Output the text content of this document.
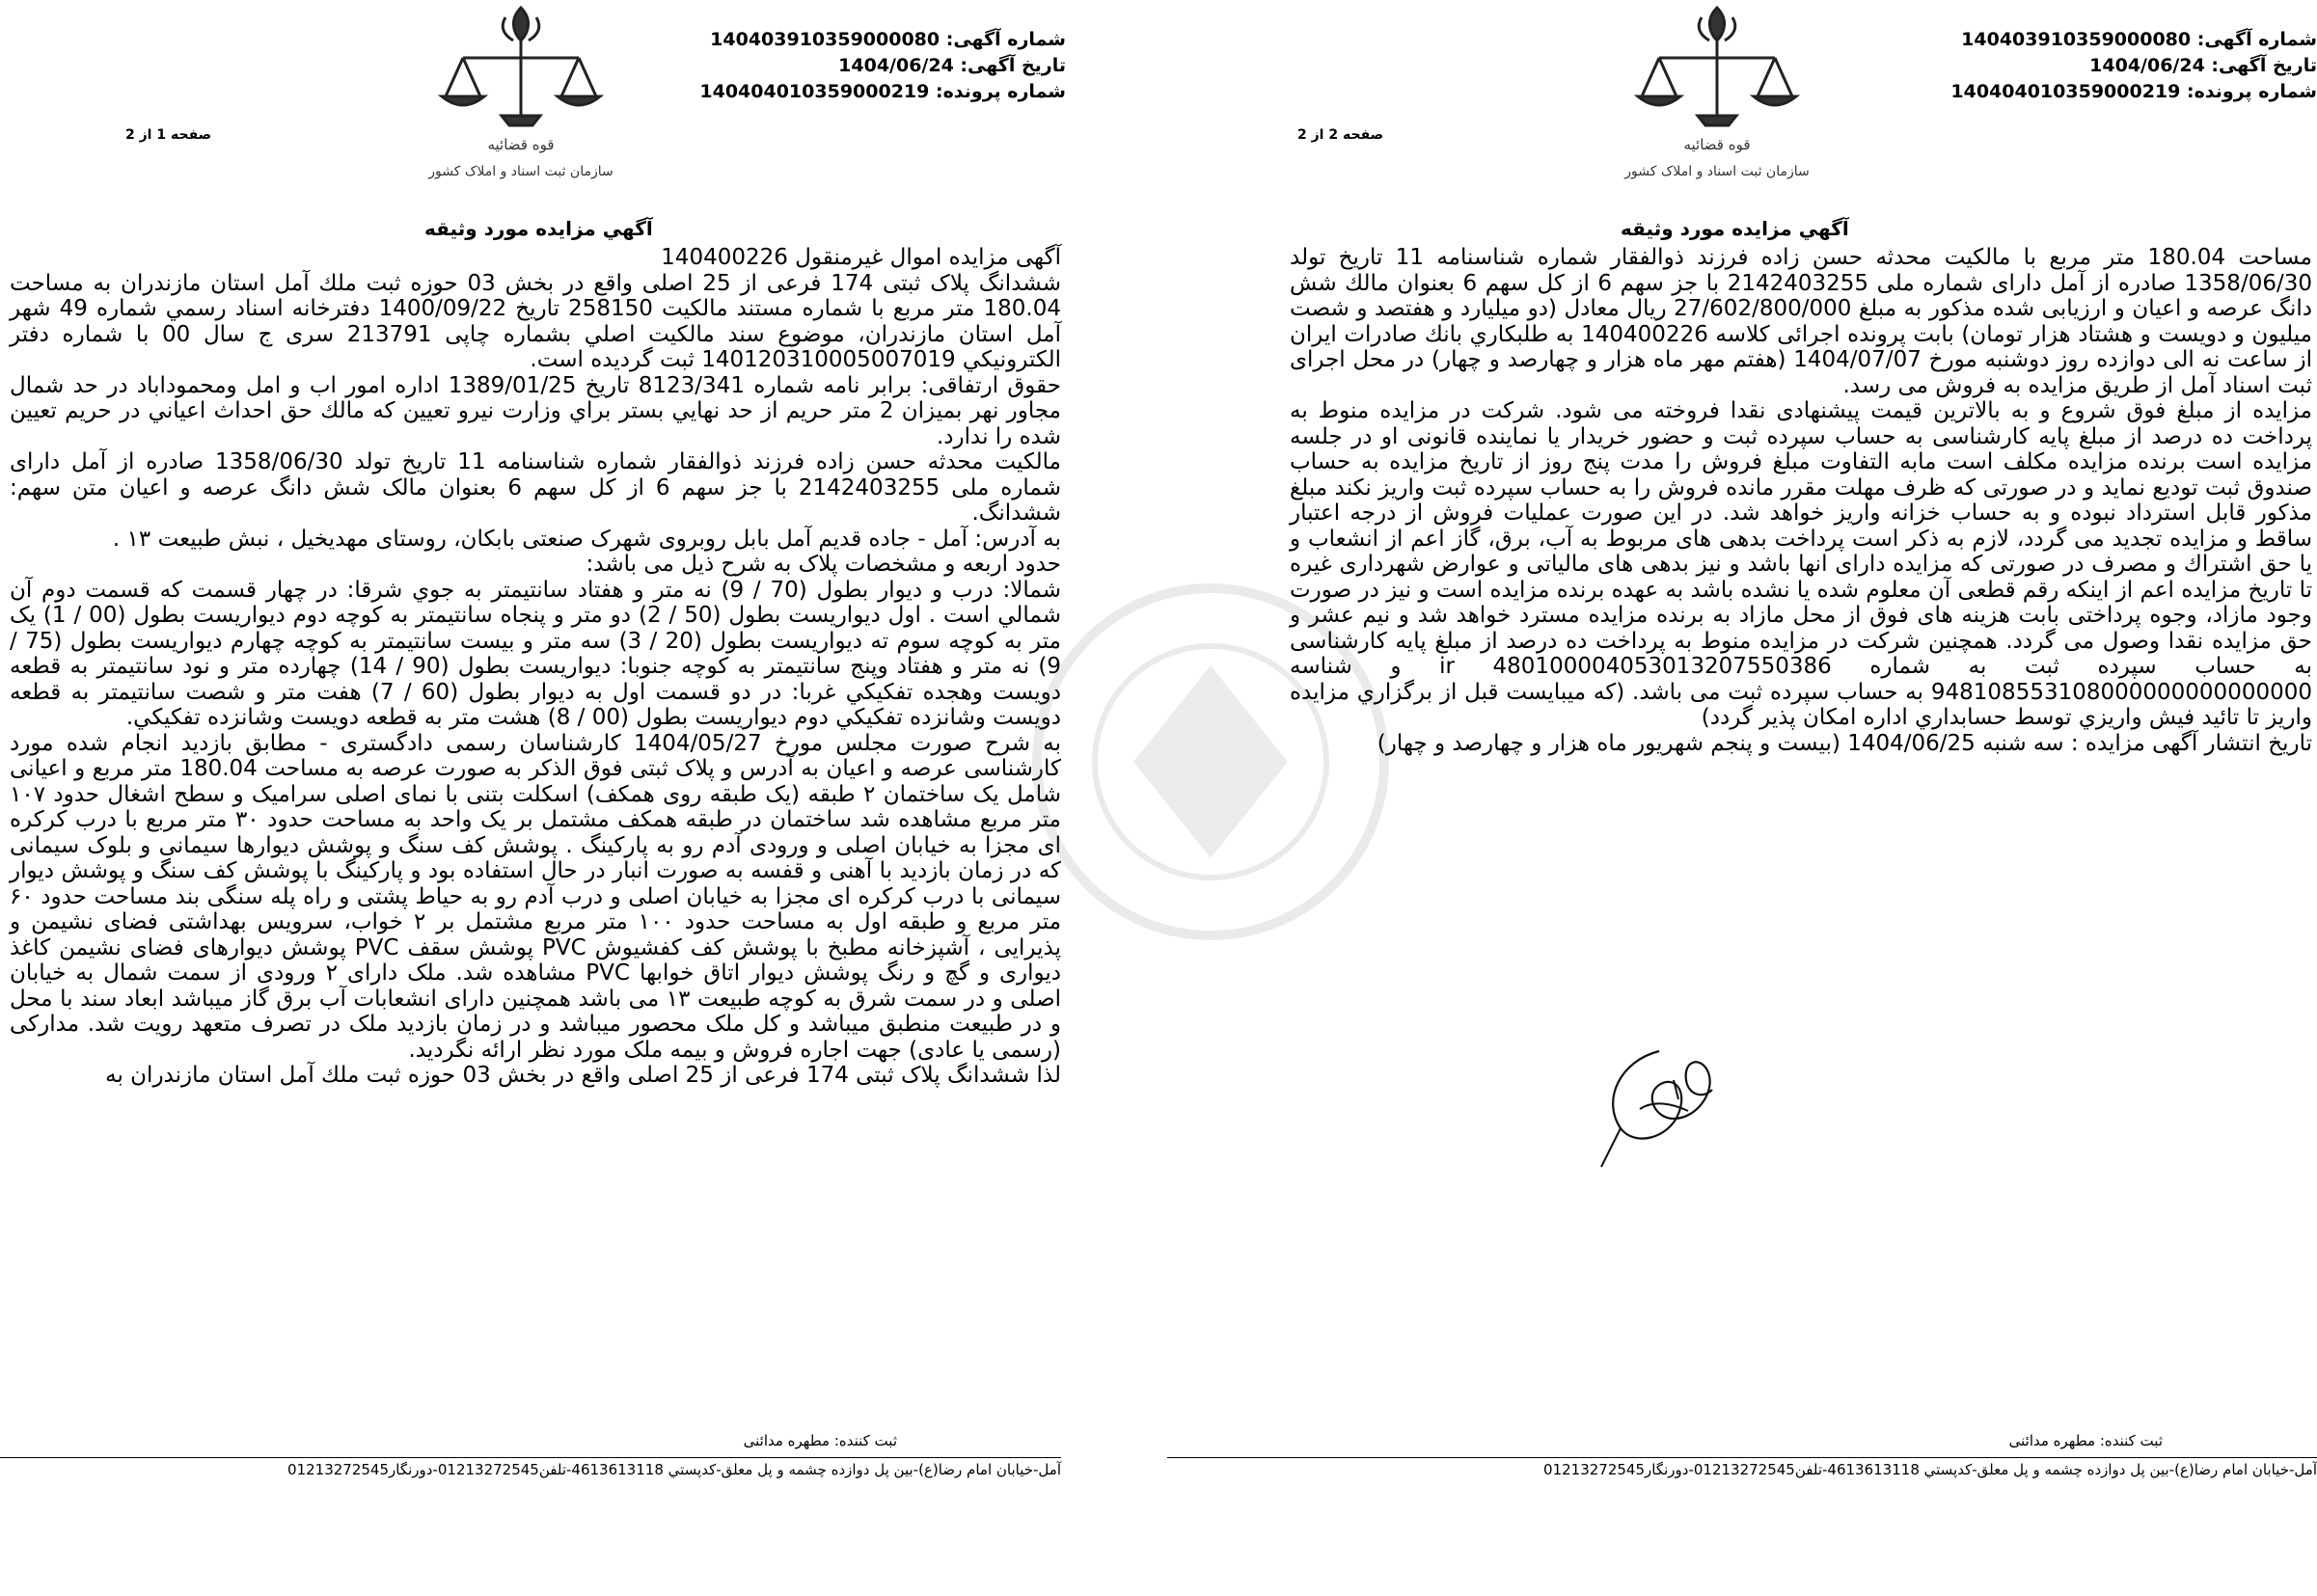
قوه قضائیه
سازمان ثبت اسناد و املاک کشور
شماره آگهی: 140403910359000080
تاریخ آگهی: 1404/06/24
شماره پرونده: 140404010359000219
صفحه 1 از 2
آگهي مزايده مورد وثيقه

آگهی مزايده اموال غيرمنقول 140400226

ششدانگ پلاک ثبتی 174 فرعی از 25 اصلی واقع در بخش 03 حوزه ثبت ملك آمل استان مازندران به مساحت 180.04 متر مربع با شماره مستند مالکیت 258150 تاریخ 1400/09/22 دفترخانه اسناد رسمي شماره 49 شهر آمل استان مازندران، موضوع سند مالكيت اصلي بشماره چاپی 213791 سری ج سال 00 با شماره دفتر الكترونيكي 140120310005007019 ثبت گرديده است.

حقوق ارتفاقی: برابر نامه شماره 8123/341 تاريخ 1389/01/25 اداره امور اب و امل ومحموداباد در حد شمال مجاور نهر بميزان 2 متر حريم از حد نهايي بستر براي وزارت نيرو تعيين كه مالك حق احداث اعياني در حريم تعيين شده را ندارد.

مالکیت محدثه حسن زاده فرزند ذوالفقار شماره شناسنامه 11 تاريخ تولد 1358/06/30 صادره از آمل دارای شماره ملی 2142403255 با جز سهم 6 از کل سهم 6 بعنوان مالک شش دانگ عرصه و اعیان متن سهم: ششدانگ.

به آدرس: آمل - جاده قدیم آمل بابل روبروی شهرک صنعتی بابکان، روستای مهدیخیل ، نبش طبیعت ۱۳ .

حدود اربعه و مشخصات پلاک به شرح ذیل می باشد:

شمالا: درب و ديوار بطول (70 / 9) نه متر و هفتاد سانتيمتر به جوي شرقا: در چهار قسمت كه قسمت دوم آن شمالي است . اول ديواريست بطول (50 / 2) دو متر و پنجاه سانتيمتر به كوچه دوم ديواريست بطول (00 / 1) يک متر به كوچه سوم ته ديواريست بطول (20 / 3) سه متر و بيست سانتيمتر به كوچه چهارم ديواريست بطول (75 / 9) نه متر و هفتاد وپنج سانتيمتر به كوچه جنوبا: ديواريست بطول (90 / 14) چهارده متر و نود سانتيمتر به قطعه دويست وهجده تفكيكي غربا: در دو قسمت اول به ديوار بطول (60 / 7) هفت متر و شصت سانتيمتر به قطعه دويست وشانزده تفكيكي دوم ديواريست بطول (00 / 8) هشت متر به قطعه دويست وشانزده تفكيكي.

به شرح صورت مجلس مورخ 1404/05/27 کارشناسان رسمی دادگستری - مطابق بازدید انجام شده مورد کارشناسی عرصه و اعیان به آدرس و پلاک ثبتی فوق الذکر به صورت عرصه به مساحت 180.04 متر مربع و اعیانی شامل یک ساختمان ۲ طبقه (یک طبقه روی همکف) اسکلت بتنی با نمای اصلی سرامیک و سطح اشغال حدود ۱۰۷ متر مربع مشاهده شد ساختمان در طبقه همکف مشتمل بر یک واحد به مساحت حدود ۳۰ متر مربع با درب کرکره ای مجزا به خیابان اصلی و ورودی آدم رو به پارکینگ . پوشش کف سنگ و پوشش دیوارها سیمانی و بلوک سیمانی که در زمان بازدید با آهنی و قفسه به صورت انبار در حال استفاده بود و پارکینگ با پوشش کف سنگ و پوشش دیوار سیمانی با درب کرکره ای مجزا به خیابان اصلی و درب آدم رو به حیاط پشتی و راه پله سنگی بند مساحت حدود ۶۰ متر مربع و طبقه اول به مساحت حدود ۱۰۰ متر مربع مشتمل بر ۲ خواب، سرویس بهداشتی فضای نشیمن و پذیرایی ، آشپزخانه مطبخ با پوشش کف کفشیوش PVC پوشش سقف PVC پوشش دیوارهای فضای نشیمن کاغذ دیواری و گچ و رنگ پوشش دیوار اتاق خوابها PVC مشاهده شد. ملک دارای ۲ ورودی از سمت شمال به خیابان اصلی و در سمت شرق به کوچه طبیعت ۱۳ می باشد همچنین دارای انشعابات آب برق گاز میباشد ابعاد سند با محل و در طبیعت منطبق میباشد و کل ملک محصور میباشد و در زمان بازدید ملک در تصرف متعهد رویت شد. مدارکی (رسمی یا عادی) جهت اجاره فروش و بیمه ملک مورد نظر ارائه نگردید.

لذا ششدانگ پلاک ثبتی 174 فرعی از 25 اصلی واقع در بخش 03 حوزه ثبت ملك آمل استان مازندران به

ثبت کننده: مطهره مدائنی
آمل-خیابان امام رضا(ع)-بین پل دوازده چشمه و پل معلق-کدپستي 4613613118-تلفن01213272545-دورنگار01213272545
قوه قضائیه
سازمان ثبت اسناد و املاک کشور
شماره آگهی: 140403910359000080
تاریخ آگهی: 1404/06/24
شماره پرونده: 140404010359000219
صفحه 2 از 2
آگهي مزايده مورد وثيقه

مساحت 180.04 متر مربع با مالكيت محدثه حسن زاده فرزند ذوالفقار شماره شناسنامه 11 تاريخ تولد 1358/06/30 صادره از آمل دارای شماره ملی 2142403255 با جز سهم 6 از كل سهم 6 بعنوان مالك شش دانگ عرصه و اعيان و ارزيابی شده مذكور به مبلغ 27/602/800/000 ريال معادل (دو ميليارد و هفتصد و شصت ميليون و دويست و هشتاد هزار تومان) بابت پرونده اجرائی كلاسه 140400226 به طلبكاري بانك صادرات ايران از ساعت نه الی دوازده روز دوشنبه مورخ 1404/07/07 (هفتم مهر ماه هزار و چهارصد و چهار) در محل اجرای ثبت اسناد آمل از طريق مزايده به فروش می رسد.

مزايده از مبلغ فوق شروع و به بالاترين قيمت پيشنهادی نقدا فروخته می شود. شركت در مزايده منوط به پرداخت ده درصد از مبلغ پايه كارشناسی به حساب سپرده ثبت و حضور خريدار يا نماينده قانونی او در جلسه مزايده است برنده مزايده مكلف است مابه التفاوت مبلغ فروش را مدت پنج روز از تاريخ مزايده به حساب صندوق ثبت توديع نمايد و در صورتی كه ظرف مهلت مقرر مانده فروش را به حساب سپرده ثبت واريز نكند مبلغ مذكور قابل استرداد نبوده و به حساب خزانه واريز خواهد شد. در اين صورت عمليات فروش از درجه اعتبار ساقط و مزايده تجديد می گردد، لازم به ذكر است پرداخت بدهی های مربوط به آب، برق، گاز اعم از انشعاب و يا حق اشتراك و مصرف در صورتی كه مزايده دارای انها باشد و نيز بدهی های مالياتی و عوارض شهرداری غيره تا تاريخ مزايده اعم از اينكه رقم قطعی آن معلوم شده يا نشده باشد به عهده برنده مزايده است و نيز در صورت وجود مازاد، وجوه پرداختی بابت هزينه های فوق از محل مازاد به برنده مزايده مسترد خواهد شد و نيم عشر و حق مزايده نقدا وصول می گردد. همچنين شركت در مزايده منوط به پرداخت ده درصد از مبلغ پايه كارشناسی به حساب سپرده ثبت به شماره ir 480100004053013207550386 و شناسه 948108553108000000000000000 به حساب سپرده ثبت می باشد. (كه ميبايست قبل از برگزاري مزايده واريز تا تائيد فيش واريزي توسط حسابداري اداره امكان پذير گردد)

تاريخ انتشار آگهی مزايده : سه شنبه 1404/06/25 (بيست و پنجم شهريور ماه هزار و چهارصد و چهار)

ثبت کننده: مطهره مدائنی
آمل-خیابان امام رضا(ع)-بین پل دوازده چشمه و پل معلق-کدپستي 4613613118-تلفن01213272545-دورنگار01213272545
